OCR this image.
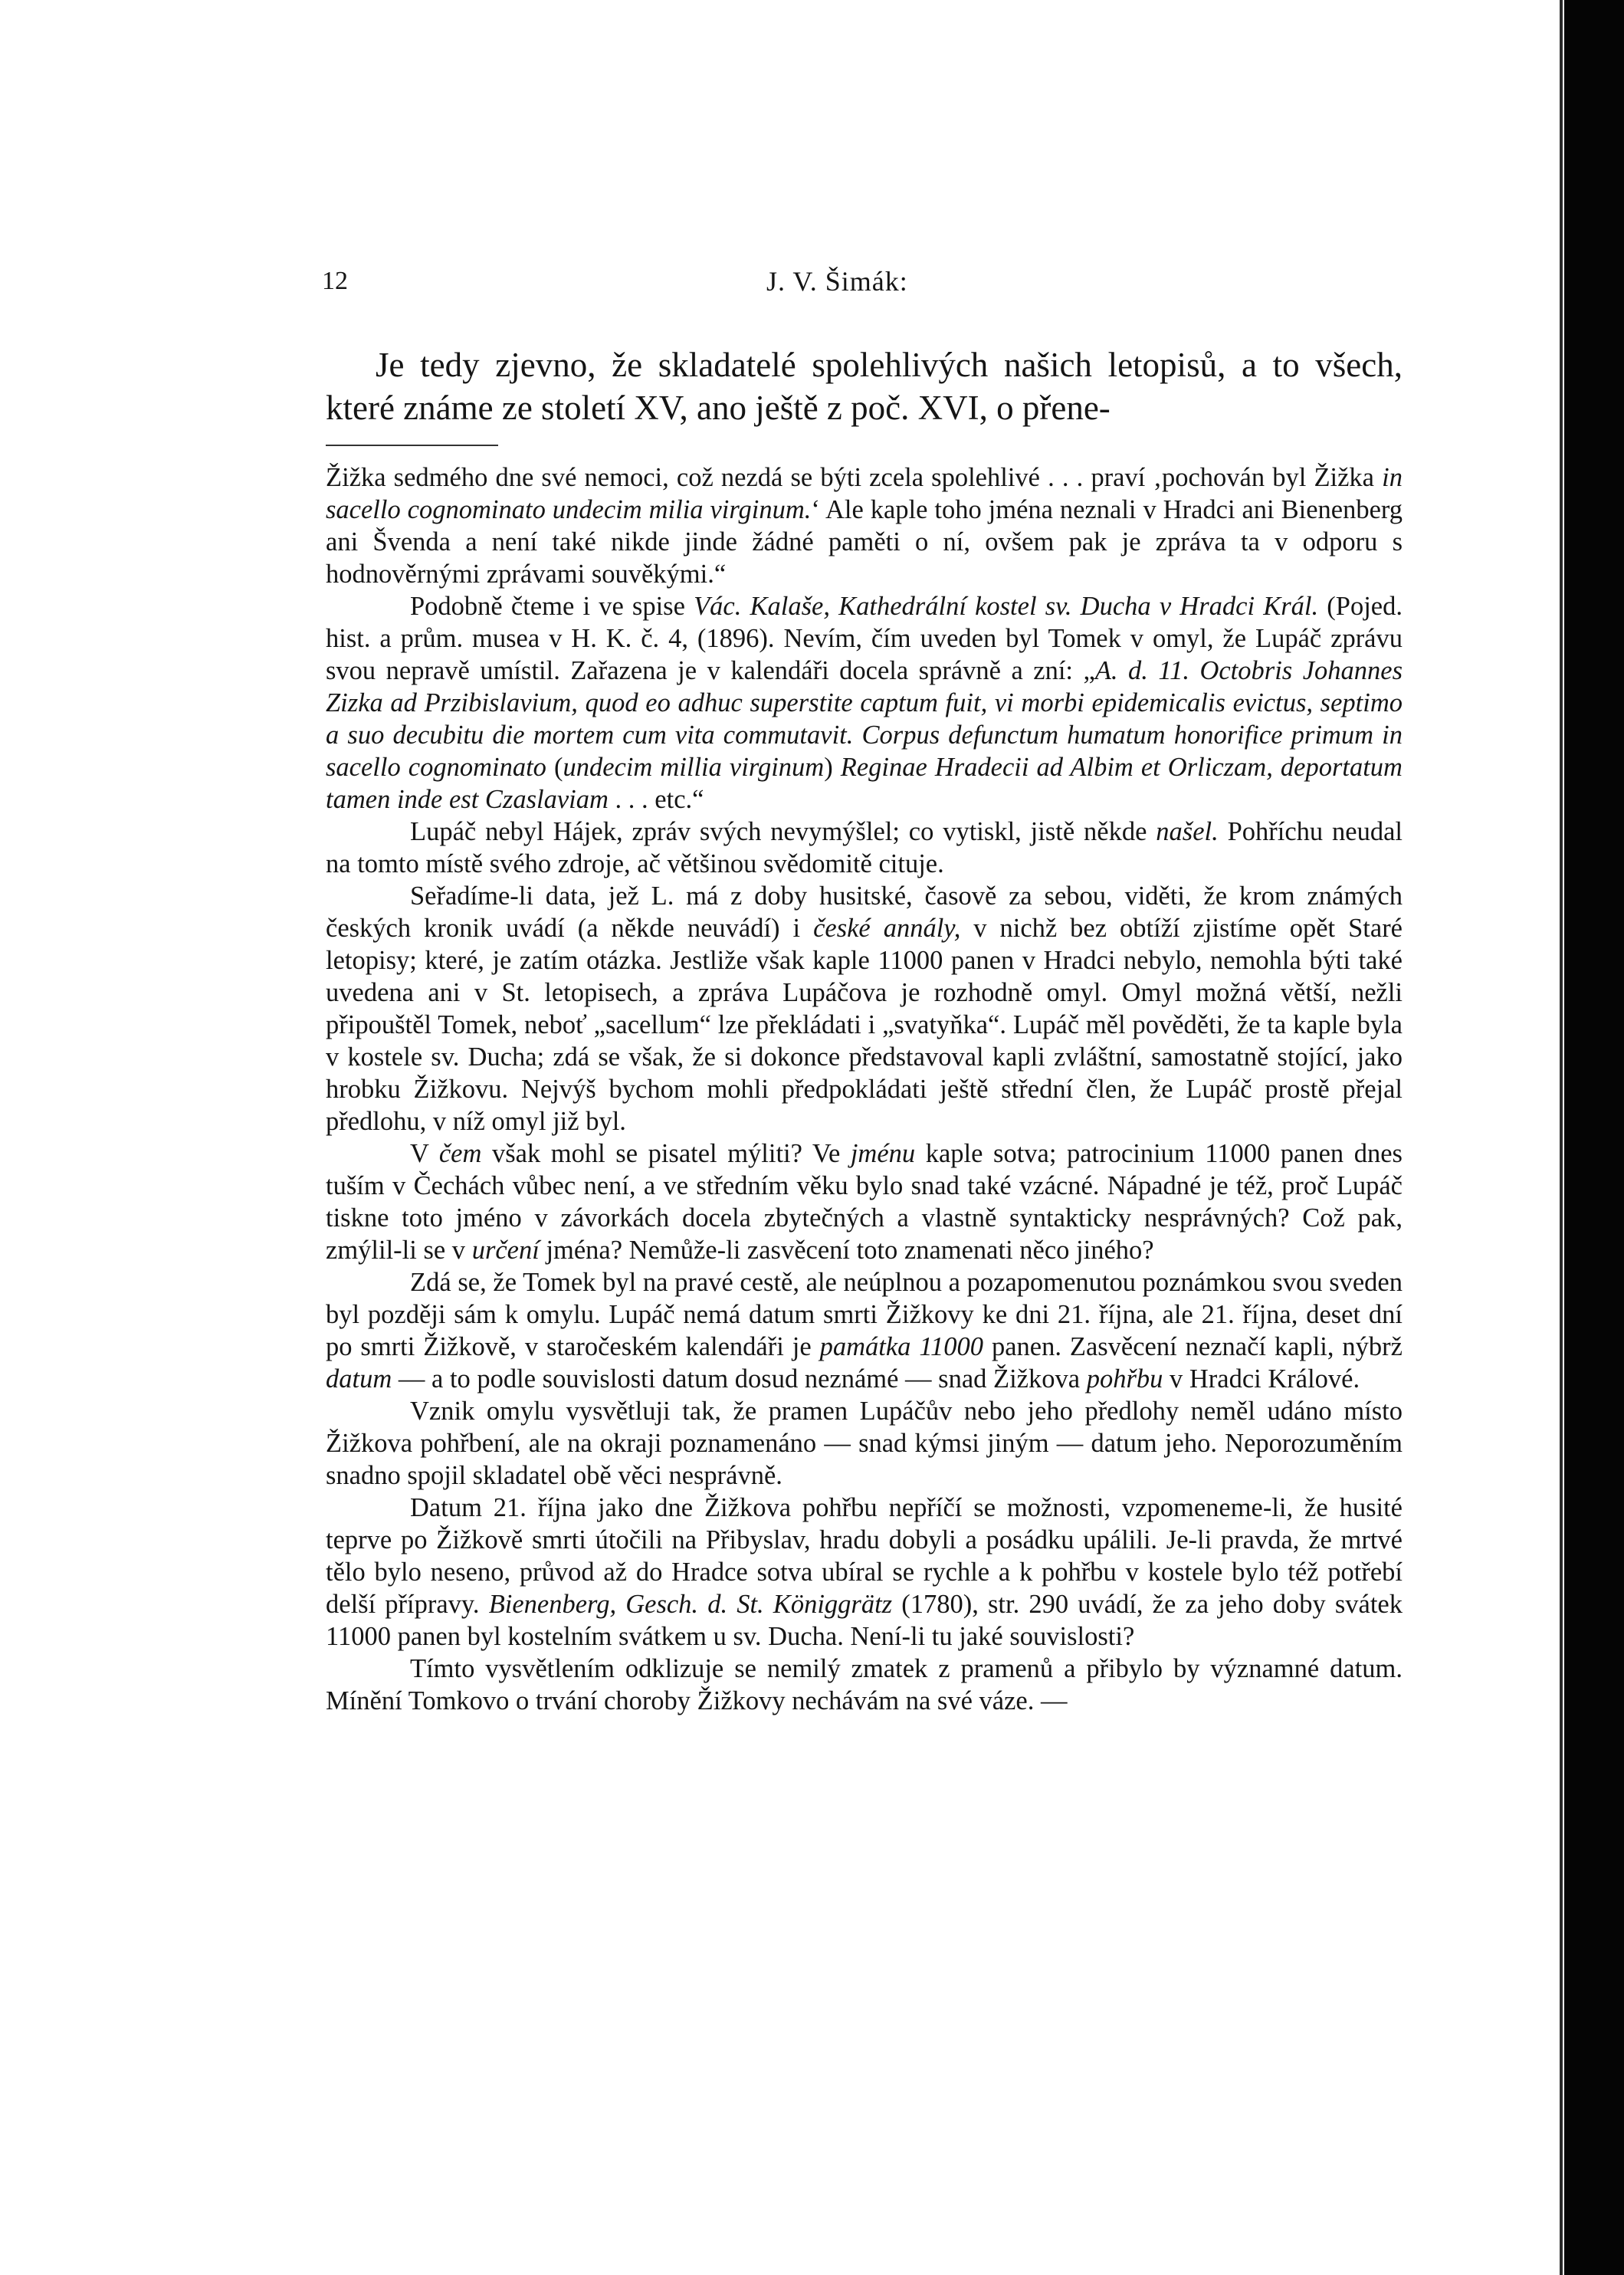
12	J. V. Šimák:

Je tedy zjevno, že skladatelé spolehlivých našich letopisů, a to všech, které známe ze století XV, ano ještě z poč. XVI, o přene-

Žižka sedmého dne své nemoci, což nezdá se býti zcela spolehlivé . . . praví ‚pochován byl Žižka in sacello cognominato undecim milia virginum.‘ Ale kaple toho jména neznali v Hradci ani Bienenberg ani Švenda a není také nikde jinde žádné paměti o ní, ovšem pak je zpráva ta v odporu s hodnověrnými zprávami souvěkými.“

Podobně čteme i ve spise Vác. Kalaše, Kathedrální kostel sv. Ducha v Hradci Král. (Pojed. hist. a prům. musea v H. K. č. 4, (1896). Nevím, čím uveden byl Tomek v omyl, že Lupáč zprávu svou nepravě umístil. Zařazena je v kalendáři docela správně a zní: „A. d. 11. Octobris Johannes Zizka ad Przibislavium, quod eo adhuc superstite captum fuit, vi morbi epidemicalis evictus, septimo a suo decubitu die mortem cum vita commutavit. Corpus defunctum humatum honorifice primum in sacello cognominato (undecim millia virginum) Reginae Hradecii ad Albim et Orliczam, deportatum tamen inde est Czaslaviam . . . etc.“

Lupáč nebyl Hájek, zpráv svých nevymýšlel; co vytiskl, jistě někde našel. Pohříchu neudal na tomto místě svého zdroje, ač většinou svědomitě cituje.

Seřadíme-li data, jež L. má z doby husitské, časově za sebou, viděti, že krom známých českých kronik uvádí (a někde neuvádí) i české annály, v nichž bez obtíží zjistíme opět Staré letopisy; které, je zatím otázka. Jestliže však kaple 11000 panen v Hradci nebylo, nemohla býti také uvedena ani v St. letopisech, a zpráva Lupáčova je rozhodně omyl. Omyl možná větší, nežli připouštěl Tomek, neboť „sacellum“ lze překládati i „svatyňka“. Lupáč měl pověděti, že ta kaple byla v kostele sv. Ducha; zdá se však, že si dokonce představoval kapli zvláštní, samostatně stojící, jako hrobku Žižkovu. Nejvýš bychom mohli předpokládati ještě střední člen, že Lupáč prostě přejal předlohu, v níž omyl již byl.

V čem však mohl se pisatel mýliti? Ve jménu kaple sotva; patrocinium 11000 panen dnes tuším v Čechách vůbec není, a ve středním věku bylo snad také vzácné. Nápadné je též, proč Lupáč tiskne toto jméno v závorkách docela zbytečných a vlastně syntakticky nesprávných? Což pak, zmýlil-li se v určení jména? Nemůže-li zasvěcení toto znamenati něco jiného?

Zdá se, že Tomek byl na pravé cestě, ale neúplnou a pozapomenutou poznámkou svou sveden byl později sám k omylu. Lupáč nemá datum smrti Žižkovy ke dni 21. října, ale 21. října, deset dní po smrti Žižkově, v staročeském kalendáři je památka 11000 panen. Zasvěcení neznačí kapli, nýbrž datum — a to podle souvislosti datum dosud neznámé — snad Žižkova pohřbu v Hradci Králové.

Vznik omylu vysvětluji tak, že pramen Lupáčův nebo jeho předlohy neměl udáno místo Žižkova pohřbení, ale na okraji poznamenáno — snad kýmsi jiným — datum jeho. Neporozuměním snadno spojil skladatel obě věci nesprávně.

Datum 21. října jako dne Žižkova pohřbu nepříčí se možnosti, vzpomeneme-li, že husité teprve po Žižkově smrti útočili na Přibyslav, hradu dobyli a posádku upálili. Je-li pravda, že mrtvé tělo bylo neseno, průvod až do Hradce sotva ubíral se rychle a k pohřbu v kostele bylo též potřebí delší přípravy. Bienenberg, Gesch. d. St. Königgrätz (1780), str. 290 uvádí, že za jeho doby svátek 11000 panen byl kostelním svátkem u sv. Ducha. Není-li tu jaké souvislosti?

Tímto vysvětlením odklizuje se nemilý zmatek z pramenů a přibylo by významné datum. Mínění Tomkovo o trvání choroby Žižkovy nechávám na své váze. —
